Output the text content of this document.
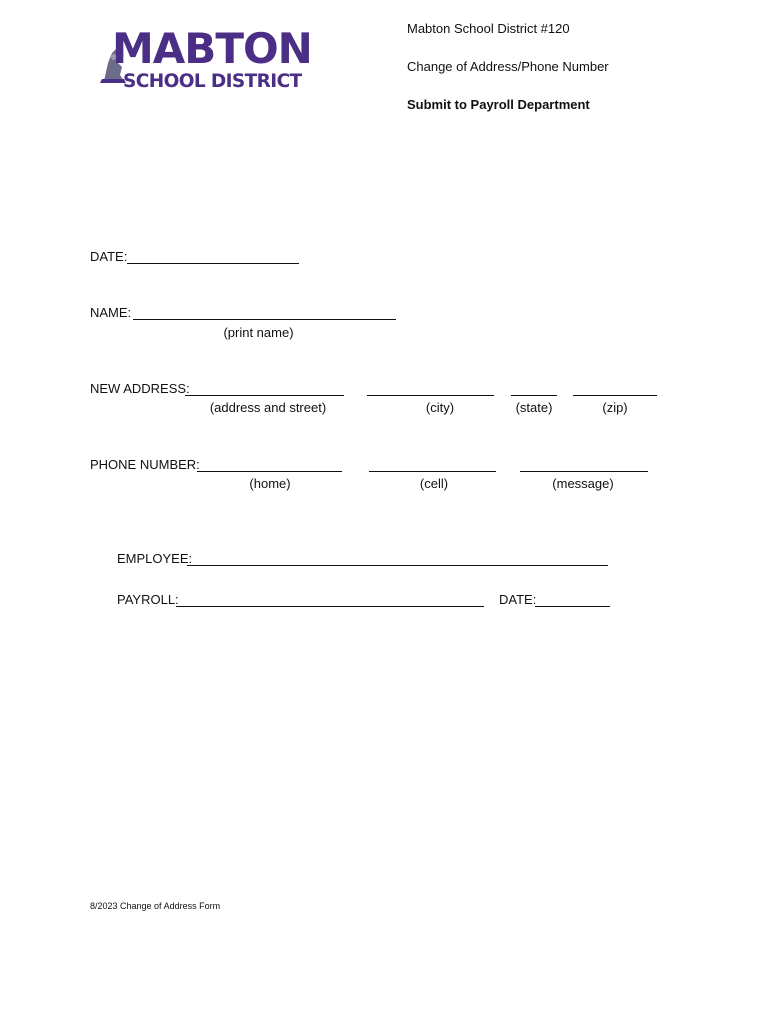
MABTON
SCHOOL DISTRICT
Mabton School District #120
Change of Address/Phone Number
Submit to Payroll Department
DATE:
NAME:
(print name)
NEW ADDRESS:
(address and street)	(city)	(state)	(zip)
PHONE NUMBER:
(home)	(cell)	(message)
EMPLOYEE:
PAYROLL:	DATE:
8/2023 Change of Address Form
